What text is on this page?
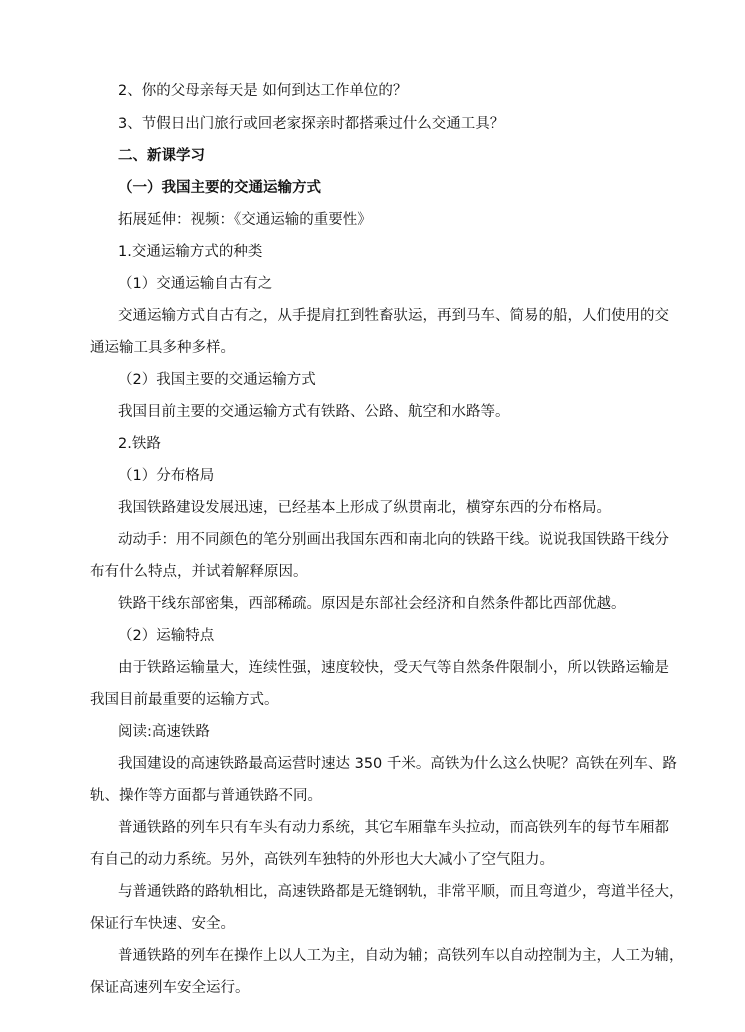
2、你的父母亲每天是 如何到达工作单位的？
3、节假日出门旅行或回老家探亲时都搭乘过什么交通工具？
二、新课学习
（一）我国主要的交通运输方式
拓展延伸：视频：《交通运输的重要性》
1.交通运输方式的种类
（1）交通运输自古有之
交通运输方式自古有之，从手提肩扛到牲畜驮运，再到马车、简易的船，人们使用的交
通运输工具多种多样。
（2）我国主要的交通运输方式
我国目前主要的交通运输方式有铁路、公路、航空和水路等。
2.铁路
（1）分布格局
我国铁路建设发展迅速，已经基本上形成了纵贯南北，横穿东西的分布格局。
动动手：用不同颜色的笔分别画出我国东西和南北向的铁路干线。说说我国铁路干线分
布有什么特点，并试着解释原因。
铁路干线东部密集，西部稀疏。原因是东部社会经济和自然条件都比西部优越。
（2）运输特点
由于铁路运输量大，连续性强，速度较快，受天气等自然条件限制小，所以铁路运输是
我国目前最重要的运输方式。
阅读:高速铁路
我国建设的高速铁路最高运营时速达 350 千米。高铁为什么这么快呢？高铁在列车、路
轨、操作等方面都与普通铁路不同。
普通铁路的列车只有车头有动力系统，其它车厢靠车头拉动，而高铁列车的每节车厢都
有自己的动力系统。另外，高铁列车独特的外形也大大减小了空气阻力。
与普通铁路的路轨相比，高速铁路都是无缝钢轨，非常平顺，而且弯道少，弯道半径大，
保证行车快速、安全。
普通铁路的列车在操作上以人工为主，自动为辅；高铁列车以自动控制为主，人工为辅，
保证高速列车安全运行。
